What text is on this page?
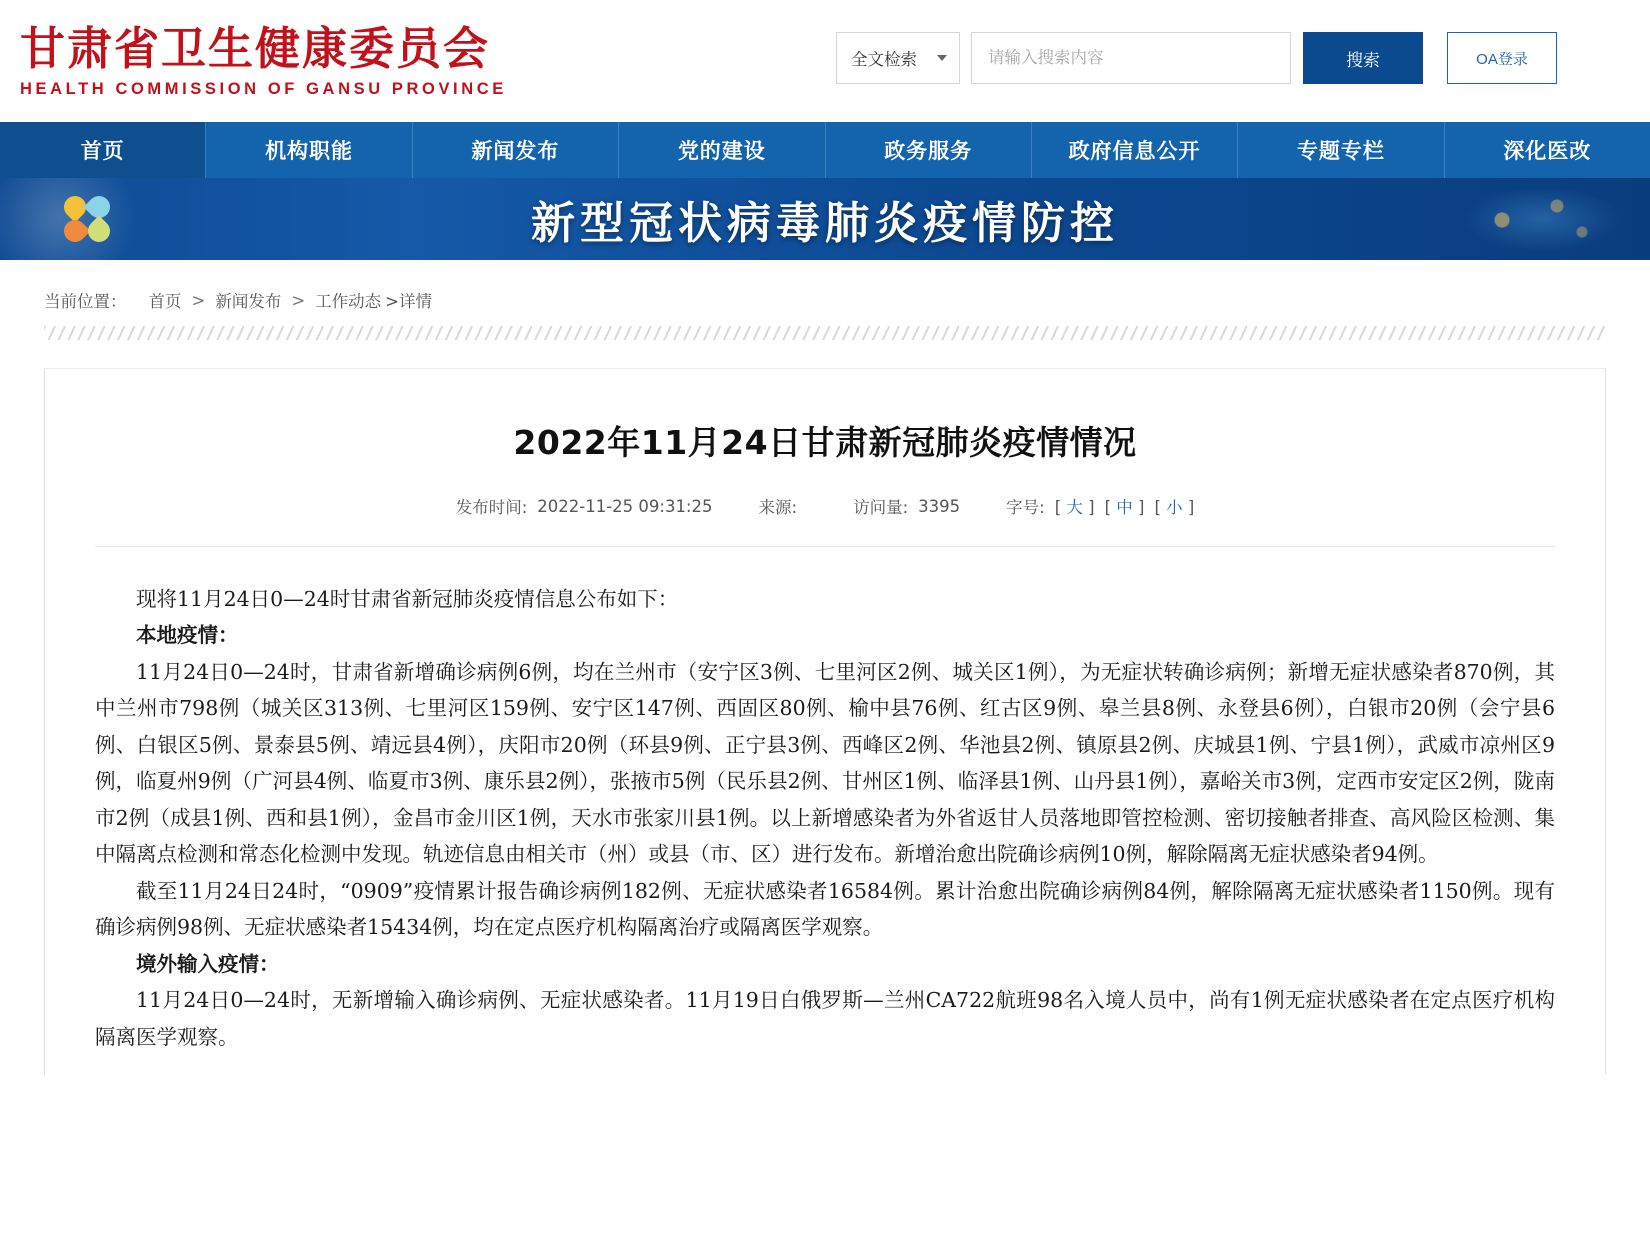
甘肃省卫生健康委员会
HEALTH COMMISSION OF GANSU PROVINCE
全文检索
请输入搜索内容	搜索	OA登录
首页	机构职能	新闻发布	党的建设	政务服务	政府信息公开	专题专栏	深化医改
新型冠状病毒肺炎疫情防控
当前位置： 首页 > 新闻发布 > 工作动态 >详情
2022年11月24日甘肃新冠肺炎疫情情况
发布时间: 2022-11-25 09:31:25	来源:	访问量: 3395	字号: [ 大 ] [ 中 ] [ 小 ]

现将11月24日0—24时甘肃省新冠肺炎疫情信息公布如下：

本地疫情：

11月24日0—24时，甘肃省新增确诊病例6例，均在兰州市（安宁区3例、七里河区2例、城关区1例），为无症状转确诊病例；新增无症状感染者870例，其中兰州市798例（城关区313例、七里河区159例、安宁区147例、西固区80例、榆中县76例、红古区9例、皋兰县8例、永登县6例），白银市20例（会宁县6例、白银区5例、景泰县5例、靖远县4例），庆阳市20例（环县9例、正宁县3例、西峰区2例、华池县2例、镇原县2例、庆城县1例、宁县1例），武威市凉州区9例，临夏州9例（广河县4例、临夏市3例、康乐县2例），张掖市5例（民乐县2例、甘州区1例、临泽县1例、山丹县1例），嘉峪关市3例，定西市安定区2例，陇南市2例（成县1例、西和县1例），金昌市金川区1例，天水市张家川县1例。以上新增感染者为外省返甘人员落地即管控检测、密切接触者排查、高风险区检测、集中隔离点检测和常态化检测中发现。轨迹信息由相关市（州）或县（市、区）进行发布。新增治愈出院确诊病例10例，解除隔离无症状感染者94例。

截至11月24日24时，“0909”疫情累计报告确诊病例182例、无症状感染者16584例。累计治愈出院确诊病例84例，解除隔离无症状感染者1150例。现有确诊病例98例、无症状感染者15434例，均在定点医疗机构隔离治疗或隔离医学观察。

境外输入疫情：

11月24日0—24时，无新增输入确诊病例、无症状感染者。11月19日白俄罗斯—兰州CA722航班98名入境人员中，尚有1例无症状感染者在定点医疗机构隔离医学观察。
